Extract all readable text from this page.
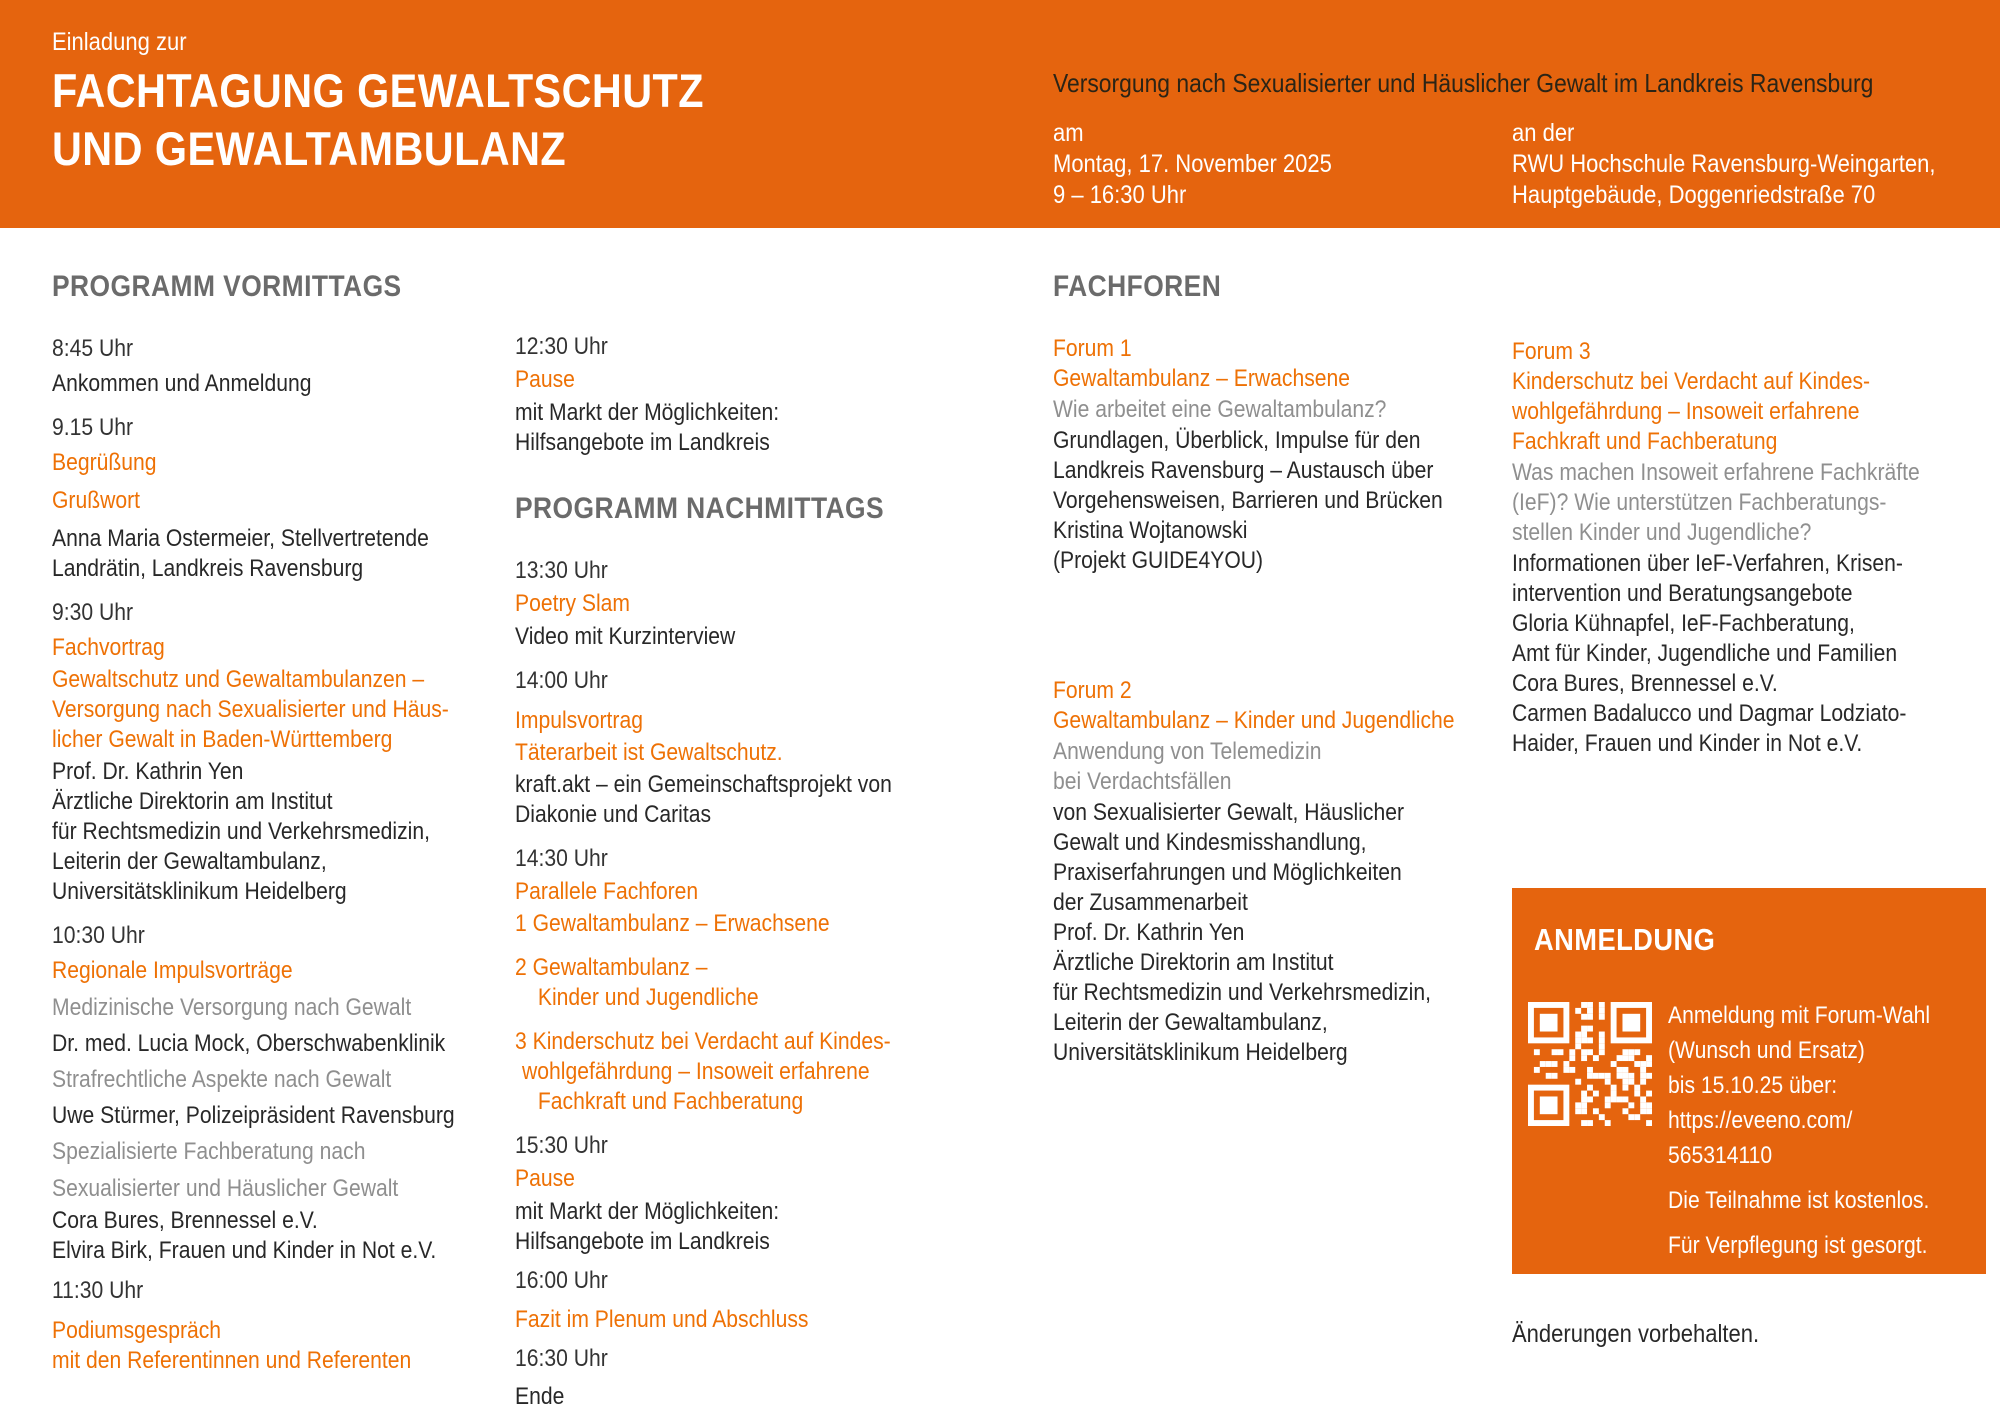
Einladung zur
FACHTAGUNG GEWALTSCHUTZ
UND GEWALTAMBULANZ
Versorgung nach Sexualisierter und Häuslicher Gewalt im Landkreis Ravensburg
am
Montag, 17. November 2025
9 – 16:30 Uhr
an der
RWU Hochschule Ravensburg-Weingarten,
Hauptgebäude, Doggenriedstraße 70
PROGRAMM VORMITTAGS
8:45 Uhr
Ankommen und Anmeldung
9.15 Uhr
Begrüßung
Grußwort
Anna Maria Ostermeier, Stellvertretende
Landrätin, Landkreis Ravensburg
9:30 Uhr
Fachvortrag
Gewaltschutz und Gewaltambulanzen –
Versorgung nach Sexualisierter und Häus-
licher Gewalt in Baden-Württemberg
Prof. Dr. Kathrin Yen
Ärztliche Direktorin am Institut
für Rechtsmedizin und Verkehrsmedizin,
Leiterin der Gewaltambulanz,
Universitätsklinikum Heidelberg
10:30 Uhr
Regionale Impulsvorträge
Medizinische Versorgung nach Gewalt
Dr. med. Lucia Mock, Oberschwabenklinik
Strafrechtliche Aspekte nach Gewalt
Uwe Stürmer, Polizeipräsident Ravensburg
Spezialisierte Fachberatung nach
Sexualisierter und Häuslicher Gewalt
Cora Bures, Brennessel e.V.
Elvira Birk, Frauen und Kinder in Not e.V.
11:30 Uhr
Podiumsgespräch
mit den Referentinnen und Referenten
12:30 Uhr
Pause
mit Markt der Möglichkeiten:
Hilfsangebote im Landkreis
PROGRAMM NACHMITTAGS
13:30 Uhr
Poetry Slam
Video mit Kurzinterview
14:00 Uhr
Impulsvortrag
Täterarbeit ist Gewaltschutz.
kraft.akt – ein Gemeinschaftsprojekt von
Diakonie und Caritas
14:30 Uhr
Parallele Fachforen
1 Gewaltambulanz – Erwachsene
2 Gewaltambulanz –
Kinder und Jugendliche
3 Kinderschutz bei Verdacht auf Kindes-
wohlgefährdung – Insoweit erfahrene
Fachkraft und Fachberatung
15:30 Uhr
Pause
mit Markt der Möglichkeiten:
Hilfsangebote im Landkreis
16:00 Uhr
Fazit im Plenum und Abschluss
16:30 Uhr
Ende
FACHFOREN
Forum 1
Gewaltambulanz – Erwachsene
Wie arbeitet eine Gewaltambulanz?
Grundlagen, Überblick, Impulse für den
Landkreis Ravensburg – Austausch über
Vorgehensweisen, Barrieren und Brücken
Kristina Wojtanowski
(Projekt GUIDE4YOU)
Forum 2
Gewaltambulanz – Kinder und Jugendliche
Anwendung von Telemedizin
bei Verdachtsfällen
von Sexualisierter Gewalt, Häuslicher
Gewalt und Kindesmisshandlung,
Praxiserfahrungen und Möglichkeiten
der Zusammenarbeit
Prof. Dr. Kathrin Yen
Ärztliche Direktorin am Institut
für Rechtsmedizin und Verkehrsmedizin,
Leiterin der Gewaltambulanz,
Universitätsklinikum Heidelberg
Forum 3
Kinderschutz bei Verdacht auf Kindes-
wohlgefährdung – Insoweit erfahrene
Fachkraft und Fachberatung
Was machen Insoweit erfahrene Fachkräfte
(IeF)? Wie unterstützen Fachberatungs-
stellen Kinder und Jugendliche?
Informationen über IeF-Verfahren, Krisen-
intervention und Beratungsangebote
Gloria Kühnapfel, IeF-Fachberatung,
Amt für Kinder, Jugendliche und Familien
Cora Bures, Brennessel e.V.
Carmen Badalucco und Dagmar Lodziato-
Haider, Frauen und Kinder in Not e.V.
ANMELDUNG
Anmeldung mit Forum-Wahl
(Wunsch und Ersatz)
bis 15.10.25 über:
https://eveeno.com/
565314110
Die Teilnahme ist kostenlos.
Für Verpflegung ist gesorgt.
Änderungen vorbehalten.
